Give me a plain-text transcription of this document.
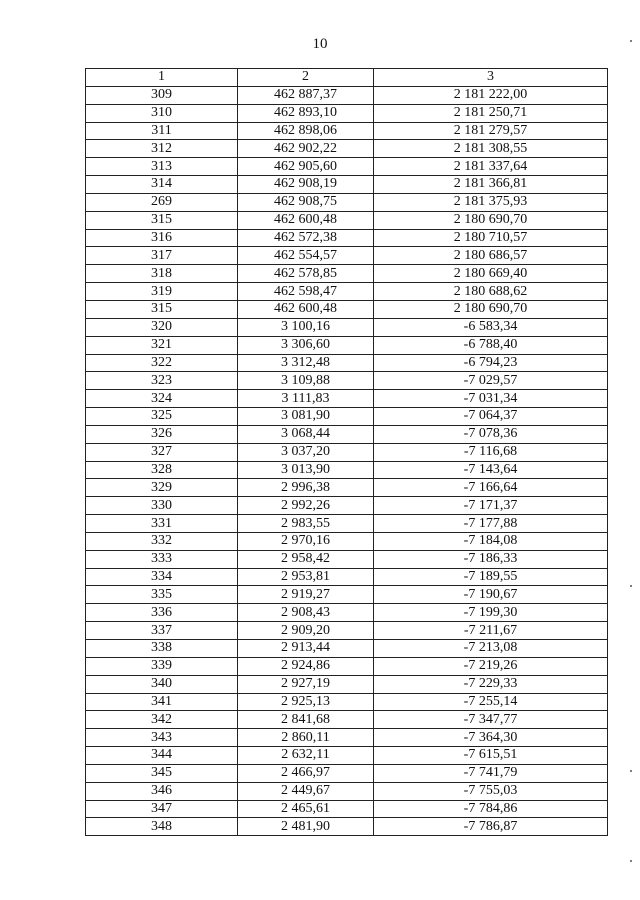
10
1	2	3
309	462 887,37	2 181 222,00
310	462 893,10	2 181 250,71
311	462 898,06	2 181 279,57
312	462 902,22	2 181 308,55
313	462 905,60	2 181 337,64
314	462 908,19	2 181 366,81
269	462 908,75	2 181 375,93
315	462 600,48	2 180 690,70
316	462 572,38	2 180 710,57
317	462 554,57	2 180 686,57
318	462 578,85	2 180 669,40
319	462 598,47	2 180 688,62
315	462 600,48	2 180 690,70
320	3 100,16	-6 583,34
321	3 306,60	-6 788,40
322	3 312,48	-6 794,23
323	3 109,88	-7 029,57
324	3 111,83	-7 031,34
325	3 081,90	-7 064,37
326	3 068,44	-7 078,36
327	3 037,20	-7 116,68
328	3 013,90	-7 143,64
329	2 996,38	-7 166,64
330	2 992,26	-7 171,37
331	2 983,55	-7 177,88
332	2 970,16	-7 184,08
333	2 958,42	-7 186,33
334	2 953,81	-7 189,55
335	2 919,27	-7 190,67
336	2 908,43	-7 199,30
337	2 909,20	-7 211,67
338	2 913,44	-7 213,08
339	2 924,86	-7 219,26
340	2 927,19	-7 229,33
341	2 925,13	-7 255,14
342	2 841,68	-7 347,77
343	2 860,11	-7 364,30
344	2 632,11	-7 615,51
345	2 466,97	-7 741,79
346	2 449,67	-7 755,03
347	2 465,61	-7 784,86
348	2 481,90	-7 786,87
